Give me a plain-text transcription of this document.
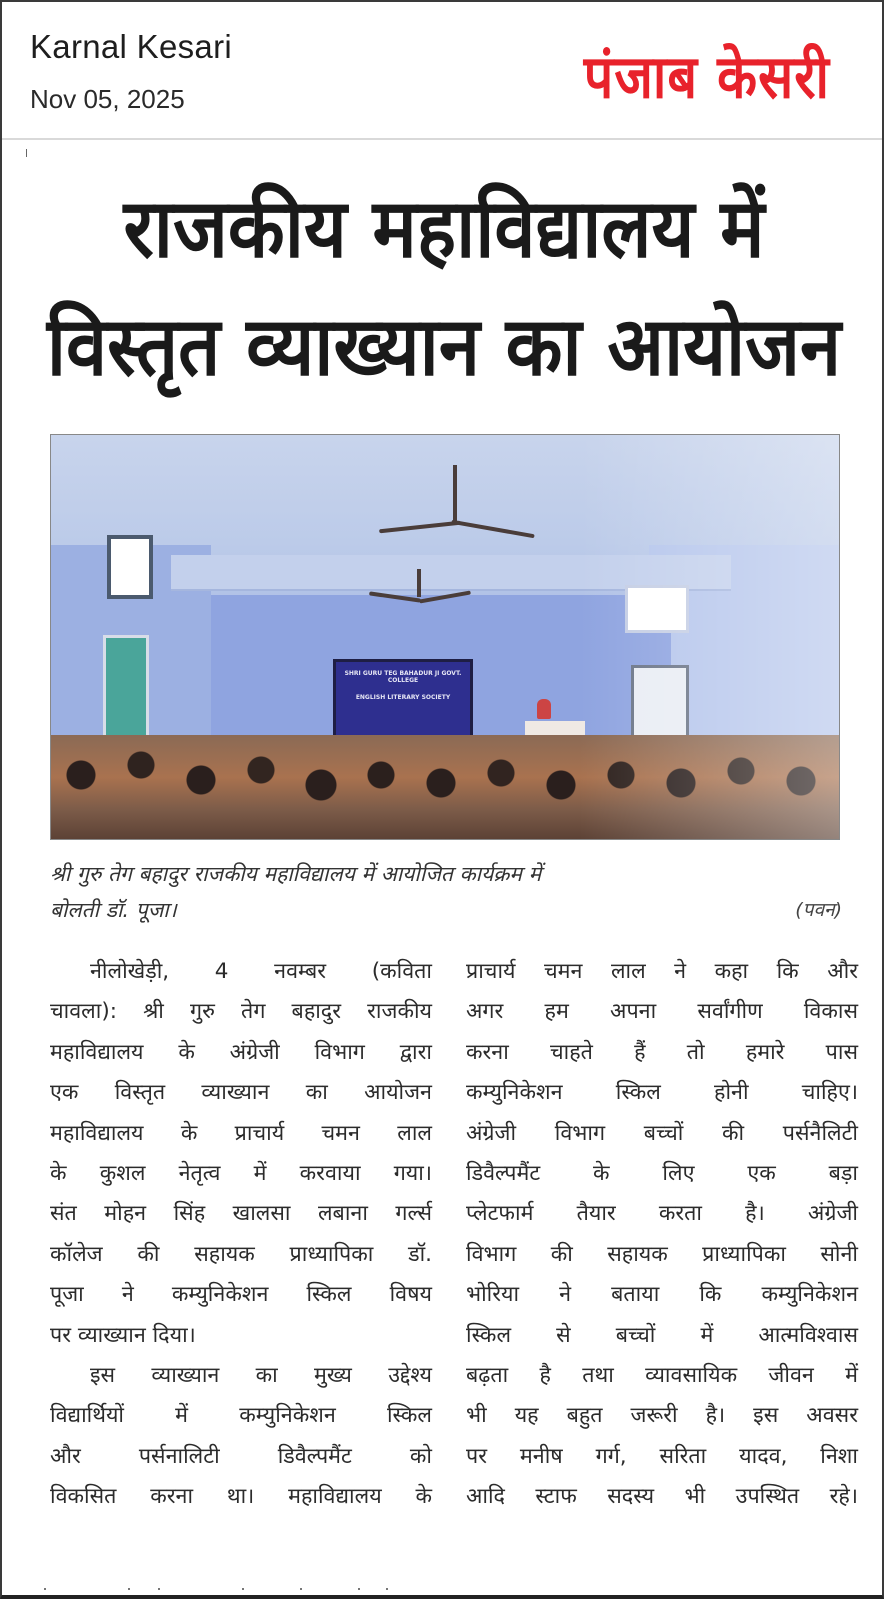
Karnal Kesari
Nov 05, 2025	पंजाब केसरी
राजकीय महाविद्यालय में
विस्तृत व्याख्यान का आयोजन
SHRI GURU TEG BAHADUR JI GOVT. COLLEGE
ENGLISH LITERARY SOCIETY
श्री गुरु तेग बहादुर राजकीय महाविद्यालय में आयोजित कार्यक्रम में
बोलती डॉ. पूजा।	(पवन)
नीलोखेड़ी, 4 नवम्बर (कविता
चावला): श्री गुरु तेग बहादुर राजकीय
महाविद्यालय के अंग्रेजी विभाग द्वारा
एक विस्तृत व्याख्यान का आयोजन
महाविद्यालय के प्राचार्य चमन लाल
के कुशल नेतृत्व में करवाया गया।
संत मोहन सिंह खालसा लबाना गर्ल्स
कॉलेज की सहायक प्राध्यापिका डॉ.
पूजा ने कम्युनिकेशन स्किल विषय
पर व्याख्यान दिया।
इस व्याख्यान का मुख्य उद्देश्य
विद्यार्थियों में कम्युनिकेशन स्किल
और पर्सनालिटी डिवैल्पमैंट को
विकसित करना था। महाविद्यालय के
प्राचार्य चमन लाल ने कहा कि और
अगर हम अपना सर्वांगीण विकास
करना चाहते हैं तो हमारे पास
कम्युनिकेशन स्किल होनी चाहिए।
अंग्रेजी विभाग बच्चों की पर्सनैलिटी
डिवैल्पमैंट के लिए एक बड़ा
प्लेटफार्म तैयार करता है। अंग्रेजी
विभाग की सहायक प्राध्यापिका सोनी
भोरिया ने बताया कि कम्युनिकेशन
स्किल से बच्चों में आत्मविश्वास
बढ़ता है तथा व्यावसायिक जीवन में
भी यह बहुत जरूरी है। इस अवसर
पर मनीष गर्ग, सरिता यादव, निशा
आदि स्टाफ सदस्य भी उपस्थित रहे।
